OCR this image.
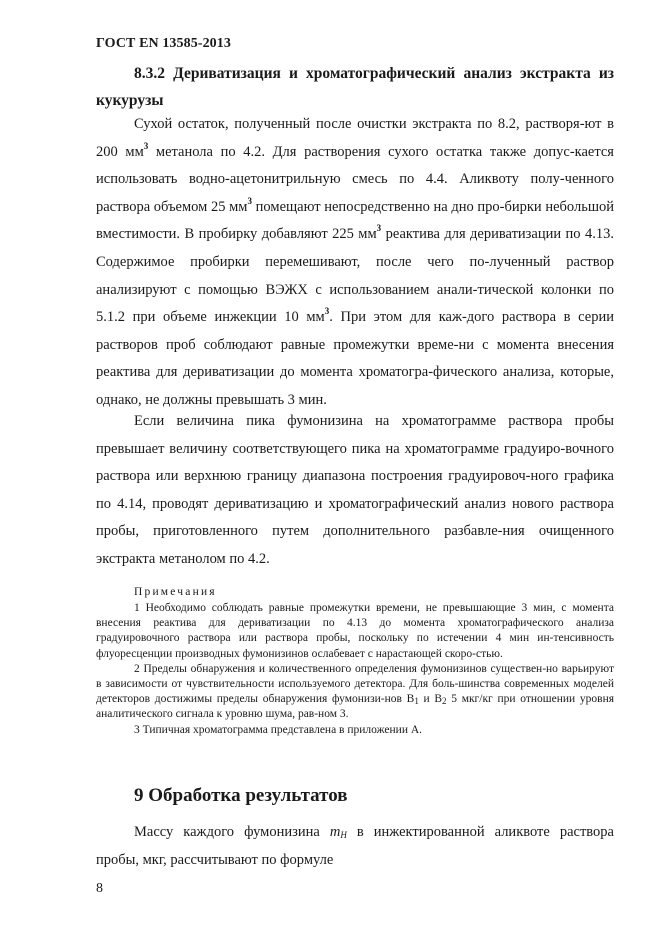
ГОСТ EN 13585-2013
8.3.2 Дериватизация и хроматографический анализ экстракта из кукурузы

Сухой остаток, полученный после очистки экстракта по 8.2, растворя-ют в 200 $мм^3$ метанола по 4.2. Для растворения сухого остатка также допус-кается использовать водно-ацетонитрильную смесь по 4.4. Аликвоту полу-ченного раствора объемом 25 $мм^3$ помещают непосредственно на дно про-бирки небольшой вместимости. В пробирку добавляют 225 $мм^3$ реактива для дериватизации по 4.13. Содержимое пробирки перемешивают, после чего по-лученный раствор анализируют с помощью ВЭЖХ с использованием анали-тической колонки по 5.1.2 при объеме инжекции 10 $мм^3$. При этом для каж-дого раствора в серии растворов проб соблюдают равные промежутки време-ни с момента внесения реактива для дериватизации до момента хроматогра-фического анализа, которые, однако, не должны превышать 3 мин.

Если величина пика фумонизина на хроматограмме раствора пробы превышает величину соответствующего пика на хроматограмме градуиро-вочного раствора или верхнюю границу диапазона построения градуировоч-ного графика по 4.14, проводят дериватизацию и хроматографический анализ нового раствора пробы, приготовленного путем дополнительного разбавле-ния очищенного экстракта метанолом по 4.2.

Примечания

1 Необходимо соблюдать равные промежутки времени, не превышающие 3 мин, с момента внесения реактива для дериватизации по 4.13 до момента хроматографического анализа градуировочного раствора или раствора пробы, поскольку по истечении 4 мин ин-тенсивность флуоресценции производных фумонизинов ослабевает с нарастающей скоро-стью.

2 Пределы обнаружения и количественного определения фумонизинов существен-но варьируют в зависимости от чувствительности используемого детектора. Для боль-шинства современных моделей детекторов достижимы пределы обнаружения фумонизи-нов $B_1$ и $B_2$ 5 мкг/кг при отношении уровня аналитического сигнала к уровню шума, рав-ном 3.

3 Типичная хроматограмма представлена в приложении А.

9 Обработка результатов

Массу каждого фумонизина $m_H$ в инжектированной аликвоте раствора пробы, мкг, рассчитывают по формуле

8
